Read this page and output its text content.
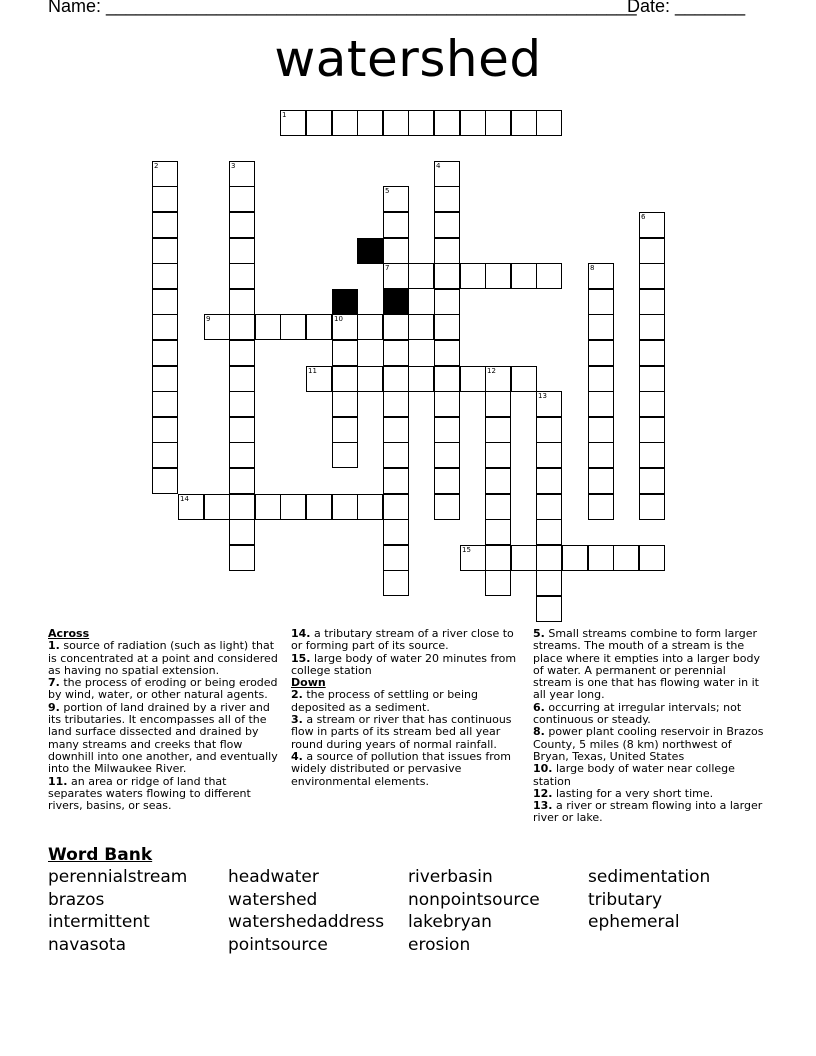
Name: _____________________________________________________
Date: _______
watershed
1
7
9	10
11	12
14
15
2	3	4
5
6
8
13
Across
1. source of radiation (such as light) that is concentrated at a point and considered as having no spatial extension.
7. the process of eroding or being eroded by wind, water, or other natural agents.
9. portion of land drained by a river and its tributaries. It encompasses all of the land surface dissected and drained by many streams and creeks that flow downhill into one another, and eventually into the Milwaukee River.
11. an area or ridge of land that separates waters flowing to different rivers, basins, or seas.
14. a tributary stream of a river close to or forming part of its source.
15. large body of water 20 minutes from college station
Down
2. the process of settling or being deposited as a sediment.
3. a stream or river that has continuous flow in parts of its stream bed all year round during years of normal rainfall.
4. a source of pollution that issues from widely distributed or pervasive environmental elements.
5. Small streams combine to form larger streams. The mouth of a stream is the place where it empties into a larger body of water. A permanent or perennial stream is one that has flowing water in it all year long.
6. occurring at irregular intervals; not continuous or steady.
8. power plant cooling reservoir in Brazos County, 5 miles (8 km) northwest of Bryan, Texas, United States
10. large body of water near college station
12. lasting for a very short time.
13. a river or stream flowing into a larger river or lake.
Word Bank
perennialstream headwater	riverbasin	sedimentation
brazos	watershed	nonpointsource	tributary
intermittent	watershedaddress lakebryan	ephemeral
navasota	pointsource	erosion
